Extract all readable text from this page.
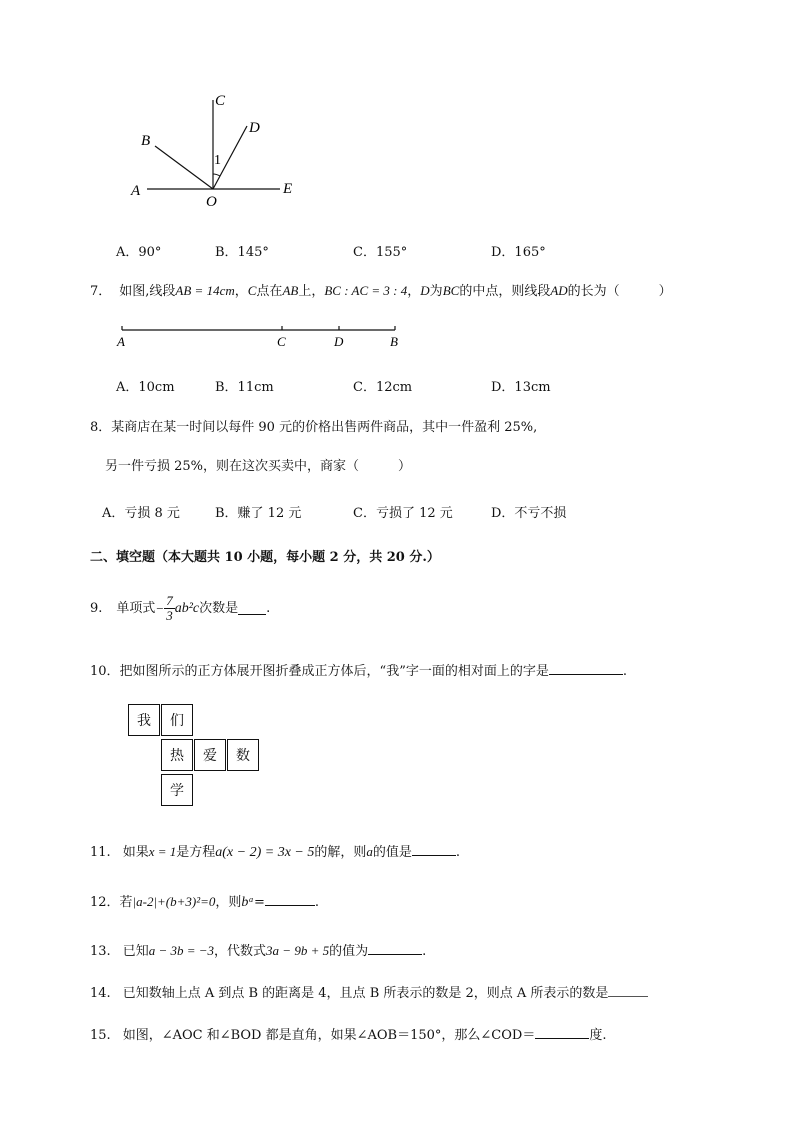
A
B
C
D
E
O
1
A．90°	B．145°	C．155°	D．165°
7． 如图,线段AB = 14cm，C点在AB上，BC : AC = 3 : 4，D为BC的中点，则线段AD的长为（　　　）
A	C	D	B
A．10cm	B．11cm	C．12cm	D．13cm
8．某商店在某一时间以每件 90 元的价格出售两件商品，其中一件盈利 25%,
另一件亏损 25%，则在这次买卖中，商家（　　　）
A．亏损 8 元	B．赚了 12 元	C．亏损了 12 元	D．不亏不损
二、填空题（本大题共 10 小题，每小题 2 分，共 20 分.）
9. 单项式 − $\frac{7}{3} ab^2c$ 次数是 .
10．把如图所示的正方体展开图折叠成正方体后，“我”字一面的相对面上的字是	.
我	们
热	爱	数
学
11. 如果x = 1是方程a(x − 2) = 3x − 5的解，则a的值是	.
12．若|a-2|+(b+3)²=0，则bᵃ=	.
13. 已知a − 3b = −3，代数式3a − 9b + 5的值为	.
14. 已知数轴上点 A 到点 B 的距离是 4，且点 B 所表示的数是 2，则点 A 所表示的数是
15. 如图，∠AOC 和∠BOD 都是直角，如果∠AOB＝150°，那么∠COD＝	度.
